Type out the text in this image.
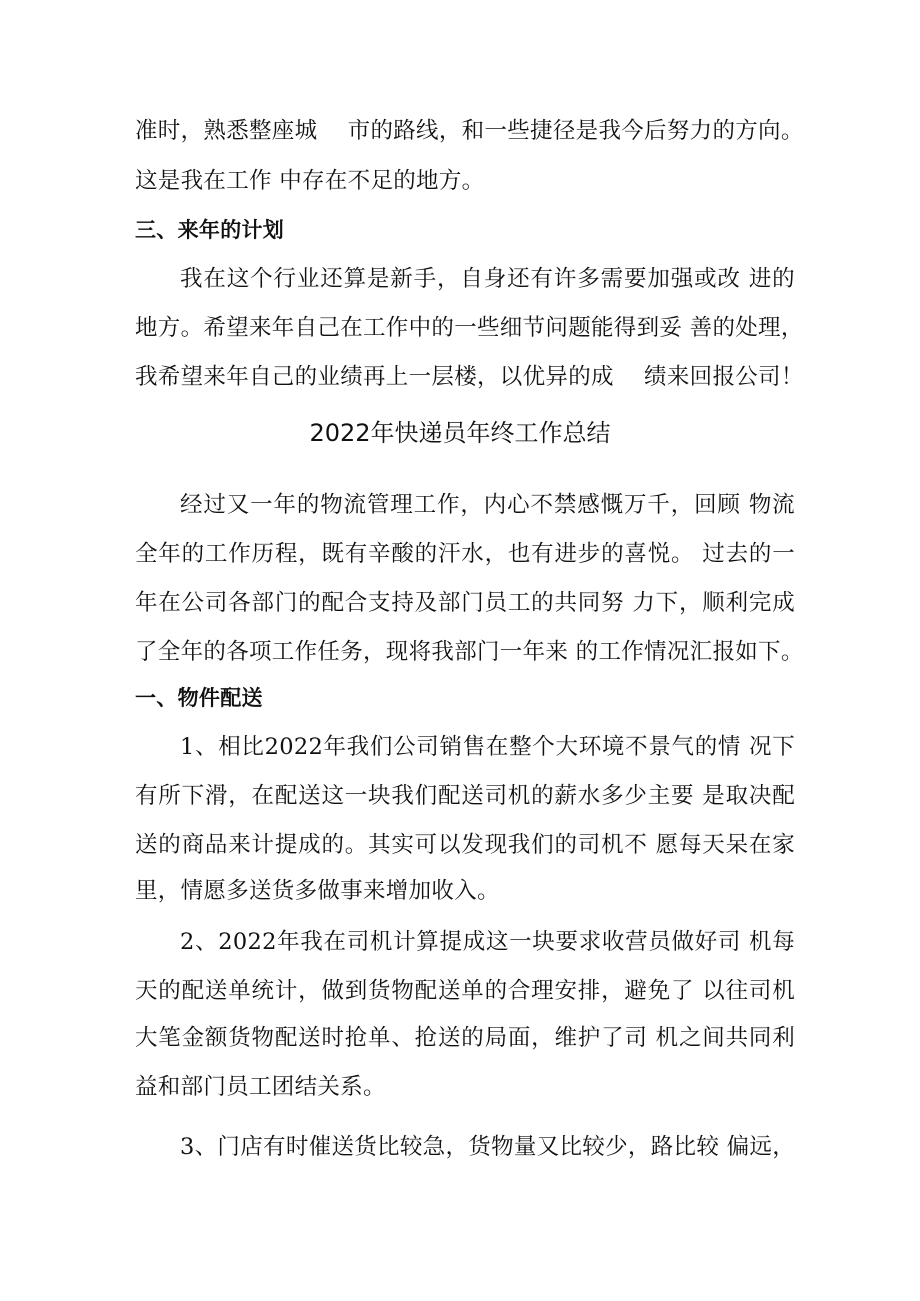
准时，熟悉整座城　 市的路线，和一些捷径是我今后努力的方向。
这是我在工作 中存在不足的地方。
三、来年的计划
我在这个行业还算是新手，自身还有许多需要加强或改 进的
地方。希望来年自己在工作中的一些细节问题能得到妥 善的处理，
我希望来年自己的业绩再上一层楼，以优异的成　 绩来回报公司！
2022年快递员年终工作总结
经过又一年的物流管理工作，内心不禁感慨万千，回顾 物流
全年的工作历程，既有辛酸的汗水，也有进步的喜悦。 过去的一
年在公司各部门的配合支持及部门员工的共同努 力下，顺利完成
了全年的各项工作任务，现将我部门一年来 的工作情况汇报如下。
一、物件配送
1、相比2022年我们公司销售在整个大环境不景气的情 况下
有所下滑，在配送这一块我们配送司机的薪水多少主要 是取决配
送的商品来计提成的。其实可以发现我们的司机不 愿每天呆在家
里，情愿多送货多做事来增加收入。
2、2022年我在司机计算提成这一块要求收营员做好司 机每
天的配送单统计，做到货物配送单的合理安排，避免了 以往司机
大笔金额货物配送时抢单、抢送的局面，维护了司 机之间共同利
益和部门员工团结关系。
3、门店有时催送货比较急，货物量又比较少，路比较 偏远，
